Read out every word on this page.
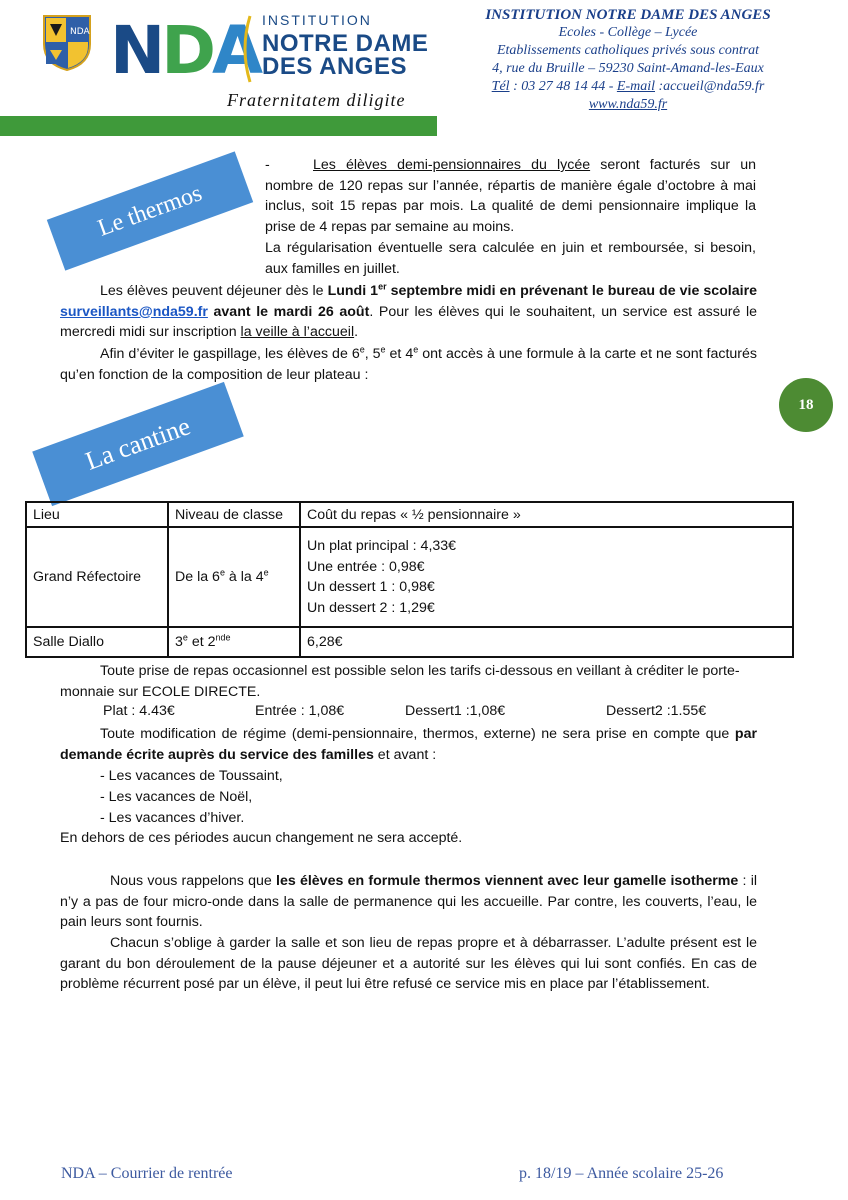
NDA NDA INSTITUTION
NOTRE DAME
DES ANGES
Fraternitatem diligite
INSTITUTION NOTRE DAME DES ANGES
Ecoles - Collège – Lycée
Etablissements catholiques privés sous contrat
4, rue du Bruille – 59230 Saint-Amand-les-Eaux
Tél : 03 27 48 14 44 - E-mail :accueil@nda59.fr
www.nda59.fr
Le thermos
La cantine
18
-	Les élèves demi-pensionnaires du lycée seront facturés sur un nombre de 120 repas sur l’année, répartis de manière égale d’octobre à mai inclus, soit 15 repas par mois. La qualité de demi pensionnaire implique la prise de 4 repas par semaine au moins.
La régularisation éventuelle sera calculée en juin et remboursée, si besoin, aux familles en juillet.
Les élèves peuvent déjeuner dès le Lundi 1er septembre midi en prévenant le bureau de vie scolaire surveillants@nda59.fr avant le mardi 26 août. Pour les élèves qui le souhaitent, un service est assuré le mercredi midi sur inscription la veille à l’accueil.
Afin d’éviter le gaspillage, les élèves de 6e, 5e et 4e ont accès à une formule à la carte et ne sont facturés qu’en fonction de la composition de leur plateau :
Lieu	Niveau de classe	Coût du repas « ½ pensionnaire »
Grand Réfectoire	De la 6e à la 4e	Un plat principal : 4,33€
Une entrée : 0,98€
Un dessert 1 : 0,98€
Un dessert 2 : 1,29€

Salle Diallo	3e et 2nde	6,28€
Toute prise de repas occasionnel est possible selon les tarifs ci-dessous en veillant à créditer le porte-monnaie sur ECOLE DIRECTE.
Plat : 4.43€	Entrée : 1,08€	Dessert1 :1,08€	Dessert2 :1.55€
Toute modification de régime (demi-pensionnaire, thermos, externe) ne sera prise en compte que par demande écrite auprès du service des familles et avant :
- Les vacances de Toussaint,
- Les vacances de Noël,
- Les vacances d’hiver.
En dehors de ces périodes aucun changement ne sera accepté.
Nous vous rappelons que les élèves en formule thermos viennent avec leur gamelle isotherme : il n’y a pas de four micro-onde dans la salle de permanence qui les accueille. Par contre, les couverts, l’eau, le pain leurs sont fournis.
Chacun s’oblige à garder la salle et son lieu de repas propre et à débarrasser. L’adulte présent est le garant du bon déroulement de la pause déjeuner et a autorité sur les élèves qui lui sont confiés. En cas de problème récurrent posé par un élève, il peut lui être refusé ce service mis en place par l’établissement.
NDA – Courrier de rentrée	p. 18/19 – Année scolaire 25-26
